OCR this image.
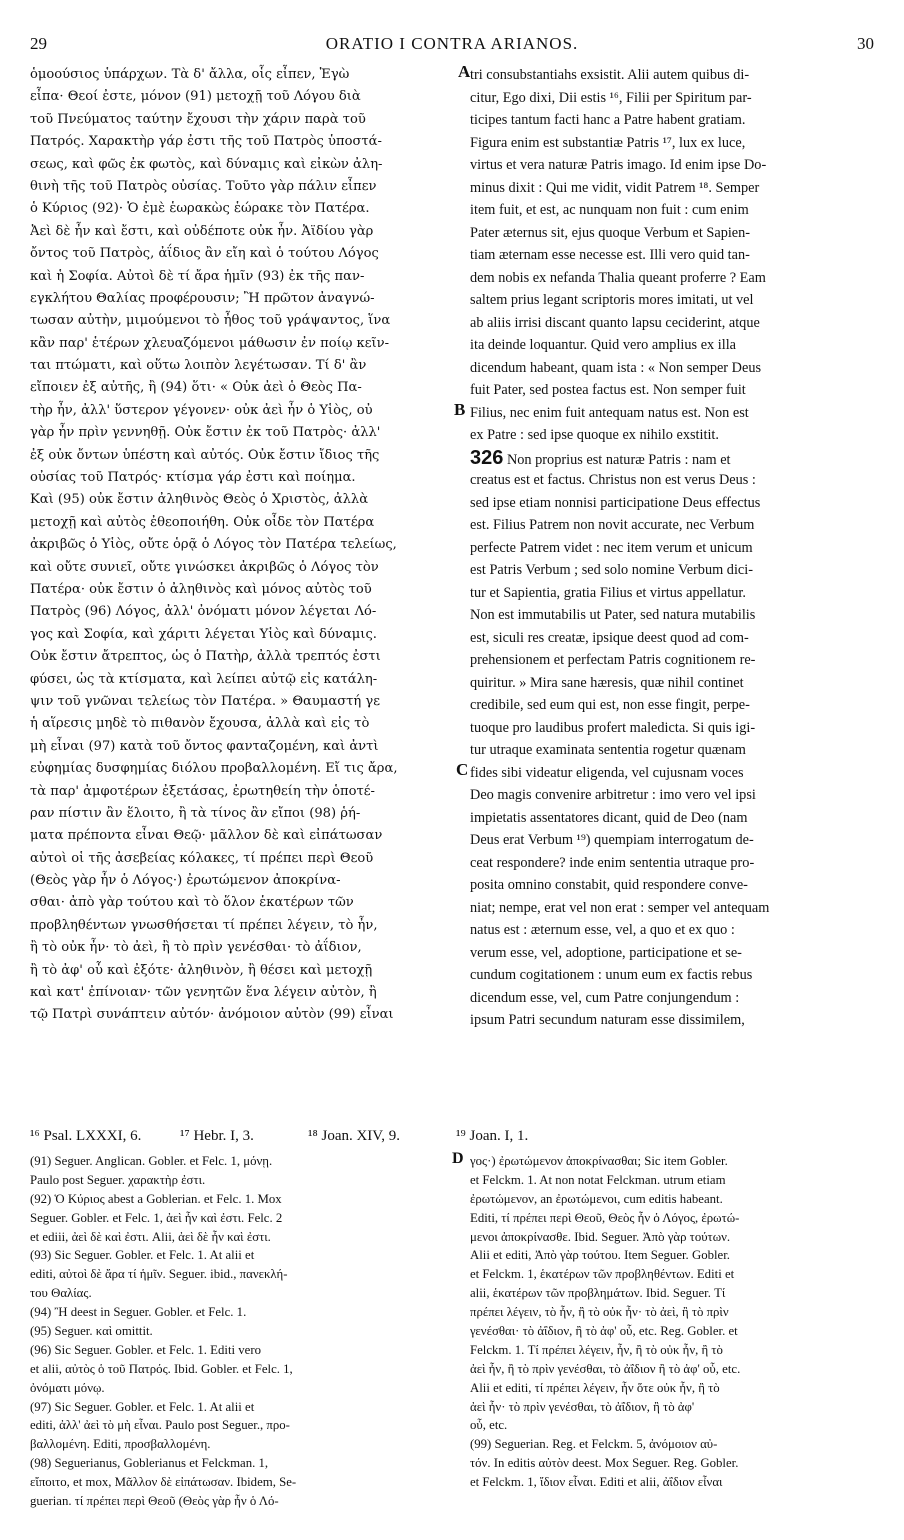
29	ORATIO I CONTRA ARIANOS.	30
ὁμοούσιος ὑπάρχων. Τὰ δ' ἄλλα, οἷς εἶπεν, Ἐγὼ
εἶπα· Θεοί ἐστε, μόνον (91) μετοχῇ τοῦ Λόγου διὰ
τοῦ Πνεύματος ταύτην ἔχουσι τὴν χάριν παρὰ τοῦ
Πατρός. Χαρακτὴρ γάρ ἐστι τῆς τοῦ Πατρὸς ὑποστά-
σεως, καὶ φῶς ἐκ φωτὸς, καὶ δύναμις καὶ εἰκὼν ἀλη-
θινὴ τῆς τοῦ Πατρὸς οὐσίας. Τοῦτο γὰρ πάλιν εἶπεν
ὁ Κύριος (92)· Ὁ ἐμὲ ἑωρακὼς ἑώρακε τὸν Πατέρα.
Ἀεὶ δὲ ἦν καὶ ἔστι, καὶ οὐδέποτε οὐκ ἦν. Ἀϊδίου γὰρ
ὄντος τοῦ Πατρὸς, ἀΐδιος ἂν εἴη καὶ ὁ τούτου Λόγος
καὶ ἡ Σοφία. Αὐτοὶ δὲ τί ἄρα ἡμῖν (93) ἐκ τῆς παν-
εγκλήτου Θαλίας προφέρουσιν; Ἢ πρῶτον ἀναγνώ-
τωσαν αὐτὴν, μιμούμενοι τὸ ἦθος τοῦ γράψαντος, ἵνα
κἂν παρ' ἑτέρων χλευαζόμενοι μάθωσιν ἐν ποίῳ κεῖν-
ται πτώματι, καὶ οὕτω λοιπὸν λεγέτωσαν. Τί δ' ἂν
εἴποιεν ἐξ αὐτῆς, ἢ (94) ὅτι· « Οὐκ ἀεὶ ὁ Θεὸς Πα-
τὴρ ἦν, ἀλλ' ὕστερον γέγονεν· οὐκ ἀεὶ ἦν ὁ Υἱὸς, οὐ
γὰρ ἦν πρὶν γεννηθῇ. Οὐκ ἔστιν ἐκ τοῦ Πατρὸς· ἀλλ'
ἐξ οὐκ ὄντων ὑπέστη καὶ αὐτός. Οὐκ ἔστιν ἴδιος τῆς
οὐσίας τοῦ Πατρός· κτίσμα γάρ ἐστι καὶ ποίημα.
Καὶ (95) οὐκ ἔστιν ἀληθινὸς Θεὸς ὁ Χριστὸς, ἀλλὰ
μετοχῇ καὶ αὐτὸς ἐθεοποιήθη. Οὐκ οἶδε τὸν Πατέρα
ἀκριβῶς ὁ Υἱὸς, οὔτε ὁρᾷ ὁ Λόγος τὸν Πατέρα τελείως,
καὶ οὔτε συνιεῖ, οὔτε γινώσκει ἀκριβῶς ὁ Λόγος τὸν
Πατέρα· οὐκ ἔστιν ὁ ἀληθινὸς καὶ μόνος αὐτὸς τοῦ
Πατρὸς (96) Λόγος, ἀλλ' ὀνόματι μόνον λέγεται Λό-
γος καὶ Σοφία, καὶ χάριτι λέγεται Υἱὸς καὶ δύναμις.
Οὐκ ἔστιν ἄτρεπτος, ὡς ὁ Πατὴρ, ἀλλὰ τρεπτός ἐστι
φύσει, ὡς τὰ κτίσματα, καὶ λείπει αὐτῷ εἰς κατάλη-
ψιν τοῦ γνῶναι τελείως τὸν Πατέρα. » Θαυμαστή γε
ἡ αἵρεσις μηδὲ τὸ πιθανὸν ἔχουσα, ἀλλὰ καὶ εἰς τὸ
μὴ εἶναι (97) κατὰ τοῦ ὄντος φανταζομένη, καὶ ἀντὶ
εὐφημίας δυσφημίας διόλου προβαλλομένη. Εἴ τις ἄρα,
τὰ παρ' ἀμφοτέρων ἐξετάσας, ἐρωτηθείη τὴν ὁποτέ-
ραν πίστιν ἂν ἕλοιτο, ἢ τὰ τίνος ἂν εἴποι (98) ῥή-
ματα πρέποντα εἶναι Θεῷ· μᾶλλον δὲ καὶ εἰπάτωσαν
αὐτοὶ οἱ τῆς ἀσεβείας κόλακες, τί πρέπει περὶ Θεοῦ
(Θεὸς γὰρ ἦν ὁ Λόγος·) ἐρωτώμενον ἀποκρίνα-
σθαι· ἀπὸ γὰρ τούτου καὶ τὸ ὅλον ἑκατέρων τῶν
προβληθέντων γνωσθήσεται τί πρέπει λέγειν, τὸ ἦν,
ἢ τὸ οὐκ ἦν· τὸ ἀεὶ, ἢ τὸ πρὶν γενέσθαι· τὸ ἀΐδιον,
ἢ τὸ ἀφ' οὗ καὶ ἐξότε· ἀληθινὸν, ἢ θέσει καὶ μετοχῇ
καὶ κατ' ἐπίνοιαν· τῶν γενητῶν ἕνα λέγειν αὐτὸν, ἢ
τῷ Πατρὶ συνάπτειν αὐτόν· ἀνόμοιον αὐτὸν (99) εἶναι
tri consubstantiahs exsistit. Alii autem quibus di-
citur, Ego dixi, Dii estis ¹⁶, Filii per Spiritum par-
ticipes tantum facti hanc a Patre habent gratiam.
Figura enim est substantiæ Patris ¹⁷, lux ex luce,
virtus et vera naturæ Patris imago. Id enim ipse Do-
minus dixit : Qui me vidit, vidit Patrem ¹⁸. Semper
item fuit, et est, ac nunquam non fuit : cum enim
Pater æternus sit, ejus quoque Verbum et Sapien-
tiam æternam esse necesse est. Illi vero quid tan-
dem nobis ex nefanda Thalia queant proferre ? Eam
saltem prius legant scriptoris mores imitati, ut vel
ab aliis irrisi discant quanto lapsu ceciderint, atque
ita deinde loquantur. Quid vero amplius ex illa
dicendum habeant, quam ista : « Non semper Deus
fuit Pater, sed postea factus est. Non semper fuit
Filius, nec enim fuit antequam natus est. Non est
ex Patre : sed ipse quoque ex nihilo exstitit.
326 Non proprius est naturæ Patris : nam et
creatus est et factus. Christus non est verus Deus :
sed ipse etiam nonnisi participatione Deus effectus
est. Filius Patrem non novit accurate, nec Verbum
perfecte Patrem videt : nec item verum et unicum
est Patris Verbum ; sed solo nomine Verbum dici-
tur et Sapientia, gratia Filius et virtus appellatur.
Non est immutabilis ut Pater, sed natura mutabilis
est, siculi res creatæ, ipsique deest quod ad com-
prehensionem et perfectam Patris cognitionem re-
quiritur. » Mira sane hæresis, quæ nihil continet
credibile, sed eum qui est, non esse fingit, perpe-
tuoque pro laudibus profert maledicta. Si quis igi-
tur utraque examinata sententia rogetur quænam
fides sibi videatur eligenda, vel cujusnam voces
Deo magis convenire arbitretur : imo vero vel ipsi
impietatis assentatores dicant, quid de Deo (nam
Deus erat Verbum ¹⁹) quempiam interrogatum de-
ceat respondere? inde enim sententia utraque pro-
posita omnino constabit, quid respondere conve-
niat; nempe, erat vel non erat : semper vel antequam
natus est : æternum esse, vel, a quo et ex quo :
verum esse, vel, adoptione, participatione et se-
cundum cogitationem : unum eum ex factis rebus
dicendum esse, vel, cum Patre conjungendum :
ipsum Patri secundum naturam esse dissimilem,
A
B
C
¹⁶ Psal. LXXXI, 6.	¹⁷ Hebr. I, 3.	¹⁸ Joan. XIV, 9.	¹⁹ Joan. I, 1.
(91) Seguer. Anglican. Gobler. et Felc. 1, μόνῃ.
Paulo post Seguer. χαρακτὴρ ἐστι.
(92) Ὁ Κύριος abest a Goblerian. et Felc. 1. Mox
Seguer. Gobler. et Felc. 1, ἀεὶ ἦν καὶ ἐστι. Felc. 2
et ediii, ἀεὶ δὲ καὶ ἐστι. Alii, ἀεὶ δὲ ἦν καὶ ἐστι.
(93) Sic Seguer. Gobler. et Felc. 1. At alii et
editi, αὐτοὶ δὲ ἄρα τί ἡμῖν. Seguer. ibid., πανεκλή-
του Θαλίας.
(94) Ἢ deest in Seguer. Gobler. et Felc. 1.
(95) Seguer. καὶ omittit.
(96) Sic Seguer. Gobler. et Felc. 1. Editi vero
et alii, αὐτὸς ὁ τοῦ Πατρός. Ibid. Gobler. et Felc. 1,
ὀνόματι μόνῳ.
(97) Sic Seguer. Gobler. et Felc. 1. At alii et
editi, ἀλλ' ἀεὶ τὸ μὴ εἶναι. Paulo post Seguer., προ-
βαλλομένη. Editi, προσβαλλομένη.
(98) Seguerianus, Goblerianus et Felckman. 1,
εἴποιτο, et mox, Μᾶλλον δὲ εἰπάτωσαν. Ibidem, Se-
guerian. τί πρέπει περὶ Θεοῦ (Θεὸς γὰρ ἦν ὁ Λό-
D γος·) ἐρωτώμενον ἀποκρίνασθαι; Sic item Gobler.
et Felckm. 1. At non notat Felckman. utrum etiam
ἐρωτώμενον, an ἐρωτώμενοι, cum editis habeant.
Editi, τί πρέπει περὶ Θεοῦ, Θεὸς ἦν ὁ Λόγος, ἐρωτώ-
μενοι ἀποκρίνασθε. Ibid. Seguer. Ἀπὸ γὰρ τούτων.
Alii et editi, Ἀπὸ γὰρ τούτου. Item Seguer. Gobler.
et Felckm. 1, ἑκατέρων τῶν προβληθέντων. Editi et
alii, ἑκατέρων τῶν προβλημάτων. Ibid. Seguer. Τί
πρέπει λέγειν, τὸ ἦν, ἢ τὸ οὐκ ἦν· τὸ ἀεὶ, ἢ τὸ πρὶν
γενέσθαι· τὸ ἀΐδιον, ἢ τὸ ἀφ' οὗ, etc. Reg. Gobler. et
Felckm. 1. Τί πρέπει λέγειν, ἦν, ἢ τὸ οὐκ ἦν, ἢ τὸ
ἀεὶ ἦν, ἢ τὸ πρὶν γενέσθαι, τὸ ἀΐδιον ἢ τὸ ἀφ' οὗ, etc.
Alii et editi, τί πρέπει λέγειν, ἦν ὅτε οὐκ ἦν, ἢ τὸ
ἀεὶ ἦν· τὸ πρὶν γενέσθαι, τὸ ἀΐδιον, ἢ τὸ ἀφ'
οὗ, etc.
(99) Seguerian. Reg. et Felckm. 5, ἀνόμοιον αὐ-
τόν. In editis αὐτὸν deest. Mox Seguer. Reg. Gobler.
et Felckm. 1, ἴδιον εἶναι. Editi et alii, ἀΐδιον εἶναι
